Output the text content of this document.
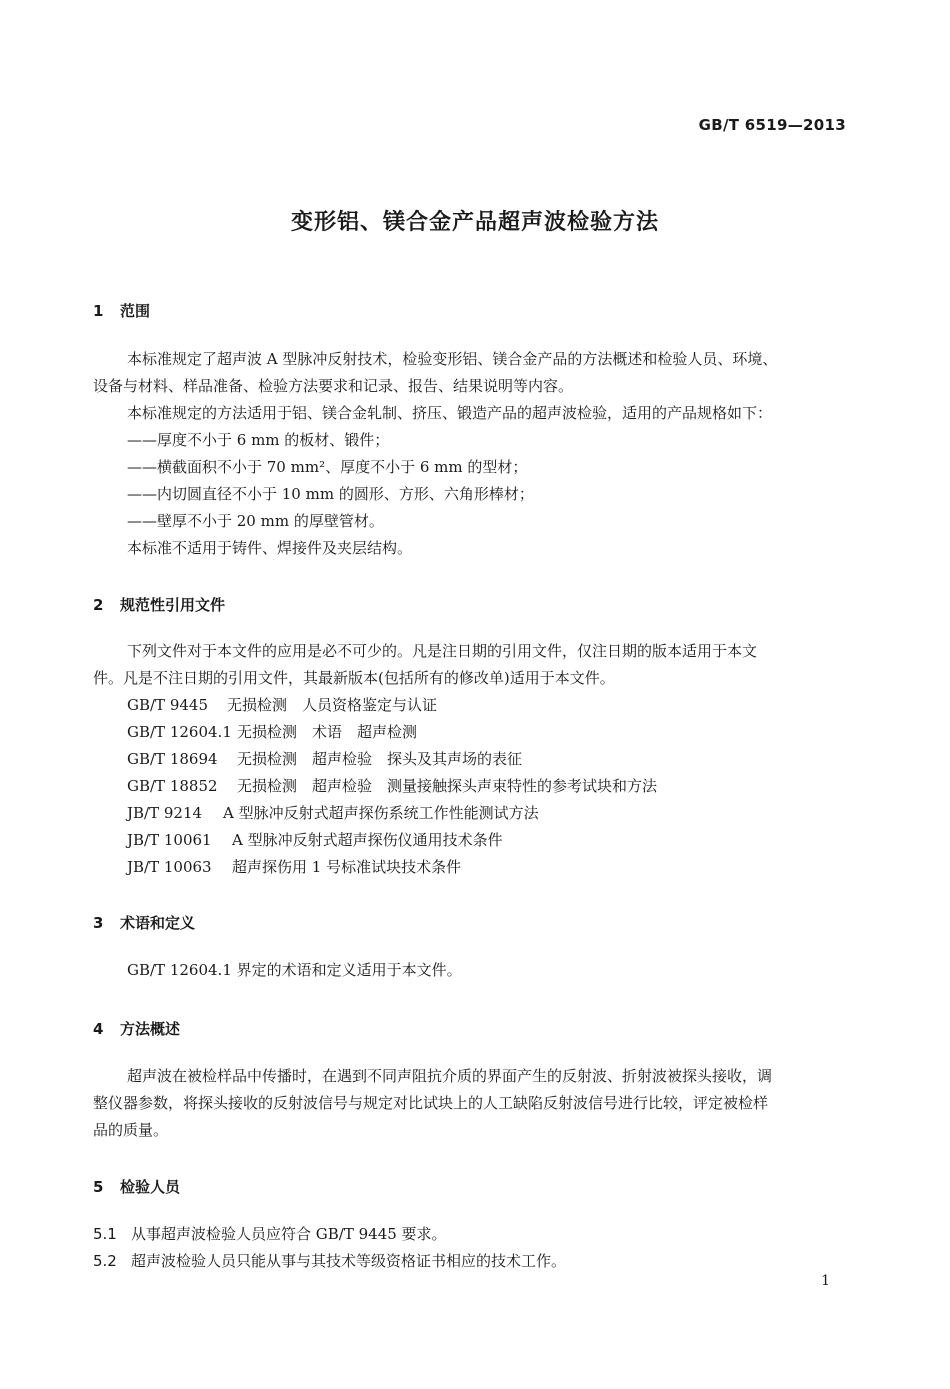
GB/T 6519—2013
变形铝、镁合金产品超声波检验方法
1 范围
本标准规定了超声波 A 型脉冲反射技术，检验变形铝、镁合金产品的方法概述和检验人员、环境、
设备与材料、样品准备、检验方法要求和记录、报告、结果说明等内容。
本标准规定的方法适用于铝、镁合金轧制、挤压、锻造产品的超声波检验，适用的产品规格如下：
——厚度不小于 6 mm 的板材、锻件；
——横截面积不小于 70 mm²、厚度不小于 6 mm 的型材；
——内切圆直径不小于 10 mm 的圆形、方形、六角形棒材；
——壁厚不小于 20 mm 的厚壁管材。
本标准不适用于铸件、焊接件及夹层结构。
2 规范性引用文件
下列文件对于本文件的应用是必不可少的。凡是注日期的引用文件，仅注日期的版本适用于本文
件。凡是不注日期的引用文件，其最新版本(包括所有的修改单)适用于本文件。
GB/T 9445 无损检测　人员资格鉴定与认证
GB/T 12604.1 无损检测　术语　超声检测
GB/T 18694 无损检测　超声检验　探头及其声场的表征
GB/T 18852 无损检测　超声检验　测量接触探头声束特性的参考试块和方法
JB/T 9214 A 型脉冲反射式超声探伤系统工作性能测试方法
JB/T 10061 A 型脉冲反射式超声探伤仪通用技术条件
JB/T 10063 超声探伤用 1 号标准试块技术条件
3 术语和定义
GB/T 12604.1 界定的术语和定义适用于本文件。
4 方法概述
超声波在被检样品中传播时，在遇到不同声阻抗介质的界面产生的反射波、折射波被探头接收，调
整仪器参数，将探头接收的反射波信号与规定对比试块上的人工缺陷反射波信号进行比较，评定被检样
品的质量。
5 检验人员
5.1 从事超声波检验人员应符合 GB/T 9445 要求。
5.2 超声波检验人员只能从事与其技术等级资格证书相应的技术工作。
1
